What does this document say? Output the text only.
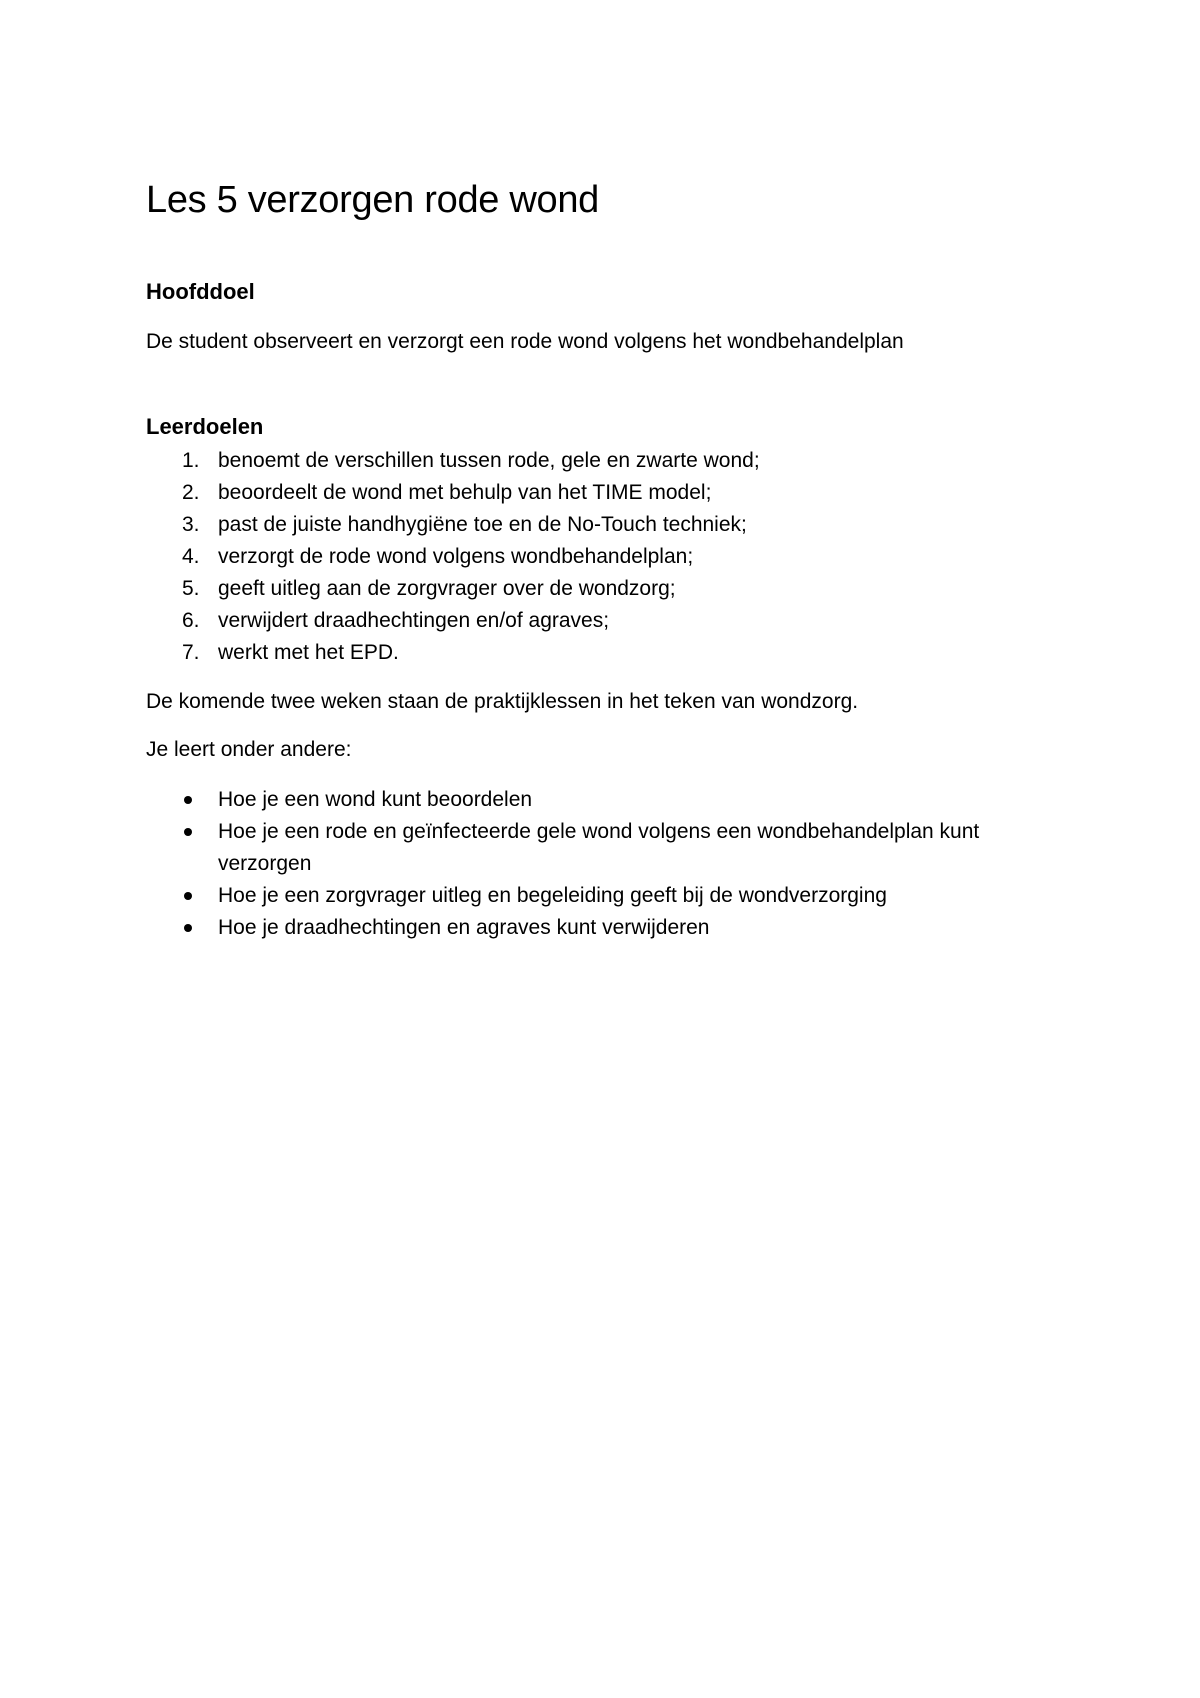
Les 5 verzorgen rode wond
Hoofddoel

De student observeert en verzorgt een rode wond volgens het wondbehandelplan

Leerdoelen
1. benoemt de verschillen tussen rode, gele en zwarte wond;
2. beoordeelt de wond met behulp van het TIME model;
3. past de juiste handhygiëne toe en de No-Touch techniek;
4. verzorgt de rode wond volgens wondbehandelplan;
5. geeft uitleg aan de zorgvrager over de wondzorg;
6. verwijdert draadhechtingen en/of agraves;
7. werkt met het EPD.

De komende twee weken staan de praktijklessen in het teken van wondzorg.

Je leert onder andere:

Hoe je een wond kunt beoordelen
Hoe je een rode en geïnfecteerde gele wond volgens een wondbehandelplan kunt verzorgen
Hoe je een zorgvrager uitleg en begeleiding geeft bij de wondverzorging
Hoe je draadhechtingen en agraves kunt verwijderen
